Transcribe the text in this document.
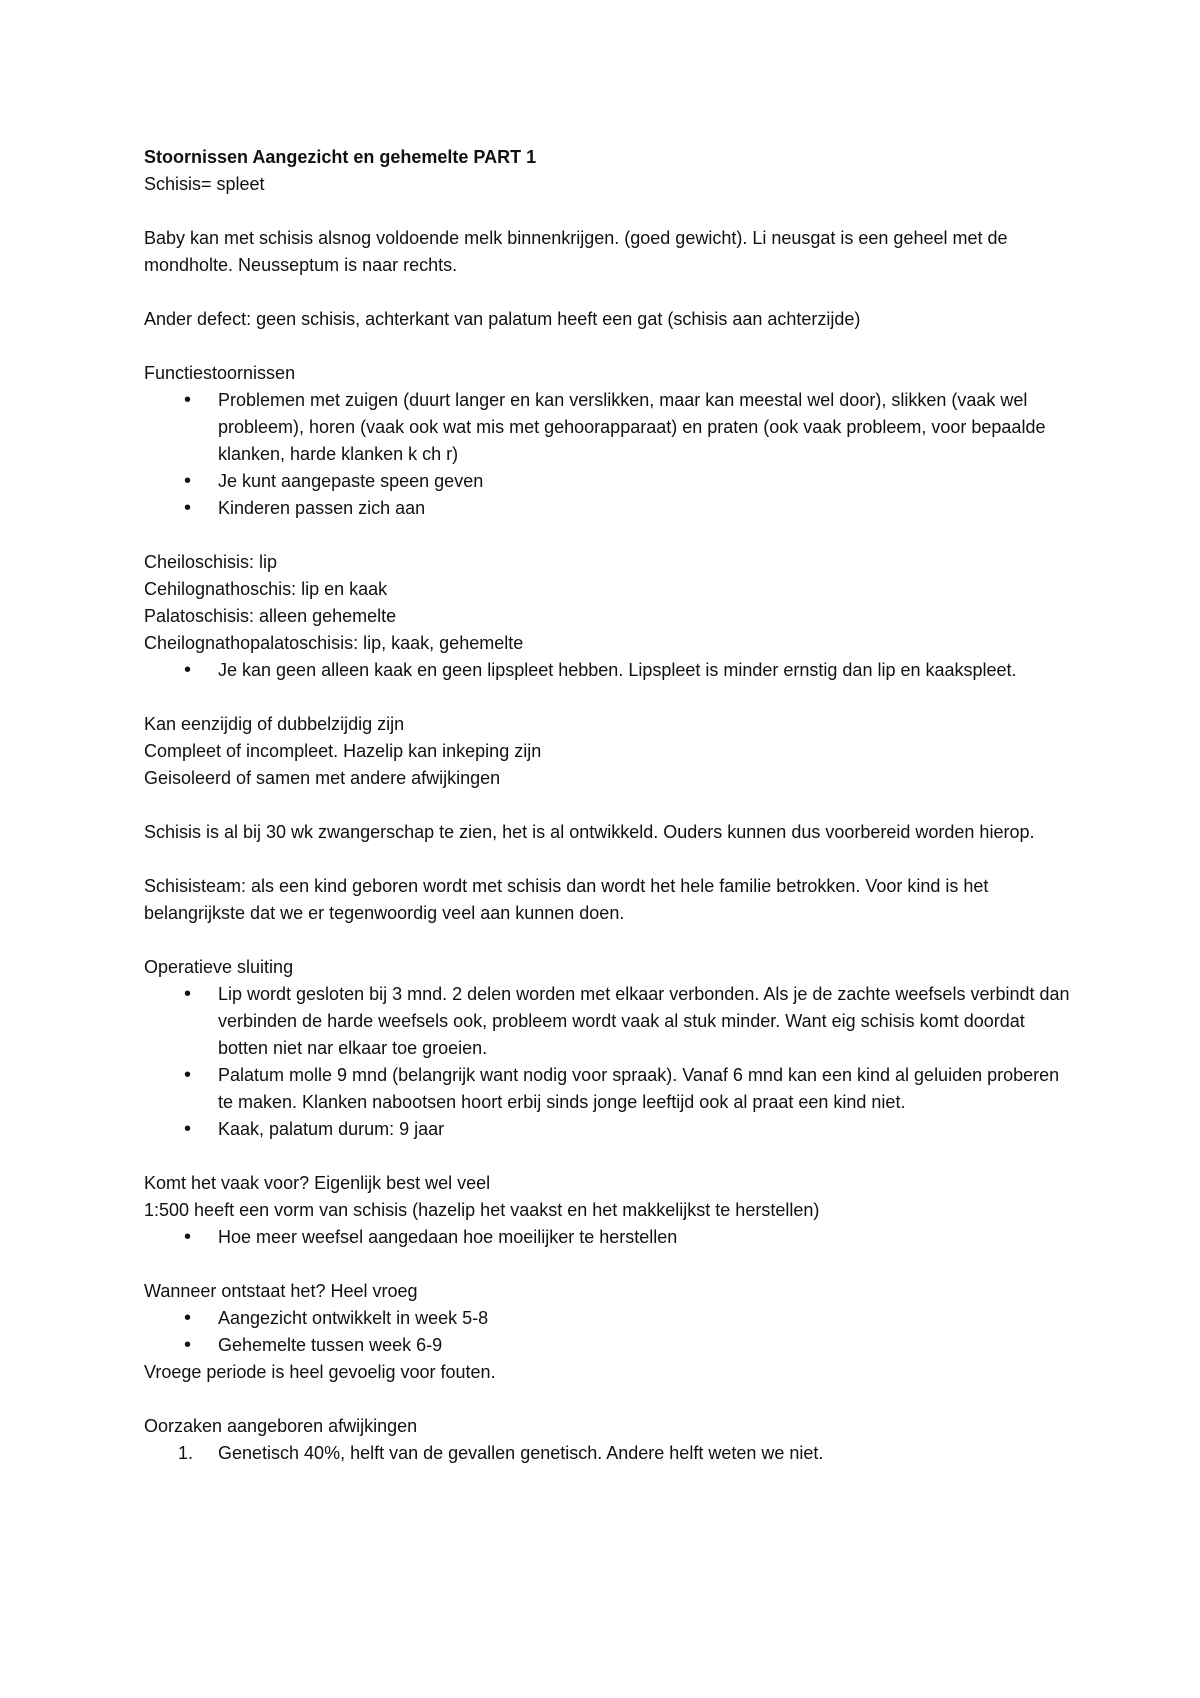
Stoornissen Aangezicht en gehemelte PART 1

Schisis= spleet

Baby kan met schisis alsnog voldoende melk binnenkrijgen. (goed gewicht). Li neusgat is een geheel met de mondholte. Neusseptum is naar rechts.

Ander defect: geen schisis, achterkant van palatum heeft een gat (schisis aan achterzijde)

Functiestoornissen

• Problemen met zuigen (duurt langer en kan verslikken, maar kan meestal wel door), slikken (vaak wel probleem), horen (vaak ook wat mis met gehoorapparaat) en praten (ook vaak probleem, voor bepaalde klanken, harde klanken k ch r)
• Je kunt aangepaste speen geven
• Kinderen passen zich aan

Cheiloschisis: lip

Cehilognathoschis: lip en kaak

Palatoschisis: alleen gehemelte

Cheilognathopalatoschisis: lip, kaak, gehemelte

• Je kan geen alleen kaak en geen lipspleet hebben. Lipspleet is minder ernstig dan lip en kaakspleet.

Kan eenzijdig of dubbelzijdig zijn

Compleet of incompleet. Hazelip kan inkeping zijn

Geisoleerd of samen met andere afwijkingen

Schisis is al bij 30 wk zwangerschap te zien, het is al ontwikkeld. Ouders kunnen dus voorbereid worden hierop.

Schisisteam: als een kind geboren wordt met schisis dan wordt het hele familie betrokken. Voor kind is het belangrijkste dat we er tegenwoordig veel aan kunnen doen.

Operatieve sluiting

• Lip wordt gesloten bij 3 mnd. 2 delen worden met elkaar verbonden. Als je de zachte weefsels verbindt dan verbinden de harde weefsels ook, probleem wordt vaak al stuk minder. Want eig schisis komt doordat botten niet nar elkaar toe groeien.
• Palatum molle 9 mnd (belangrijk want nodig voor spraak). Vanaf 6 mnd kan een kind al geluiden proberen te maken. Klanken nabootsen hoort erbij sinds jonge leeftijd ook al praat een kind niet.
• Kaak, palatum durum: 9 jaar

Komt het vaak voor? Eigenlijk best wel veel

1:500 heeft een vorm van schisis (hazelip het vaakst en het makkelijkst te herstellen)

• Hoe meer weefsel aangedaan hoe moeilijker te herstellen

Wanneer ontstaat het? Heel vroeg

• Aangezicht ontwikkelt in week 5-8
• Gehemelte tussen week 6-9

Vroege periode is heel gevoelig voor fouten.

Oorzaken aangeboren afwijkingen

1. Genetisch 40%, helft van de gevallen genetisch. Andere helft weten we niet.
